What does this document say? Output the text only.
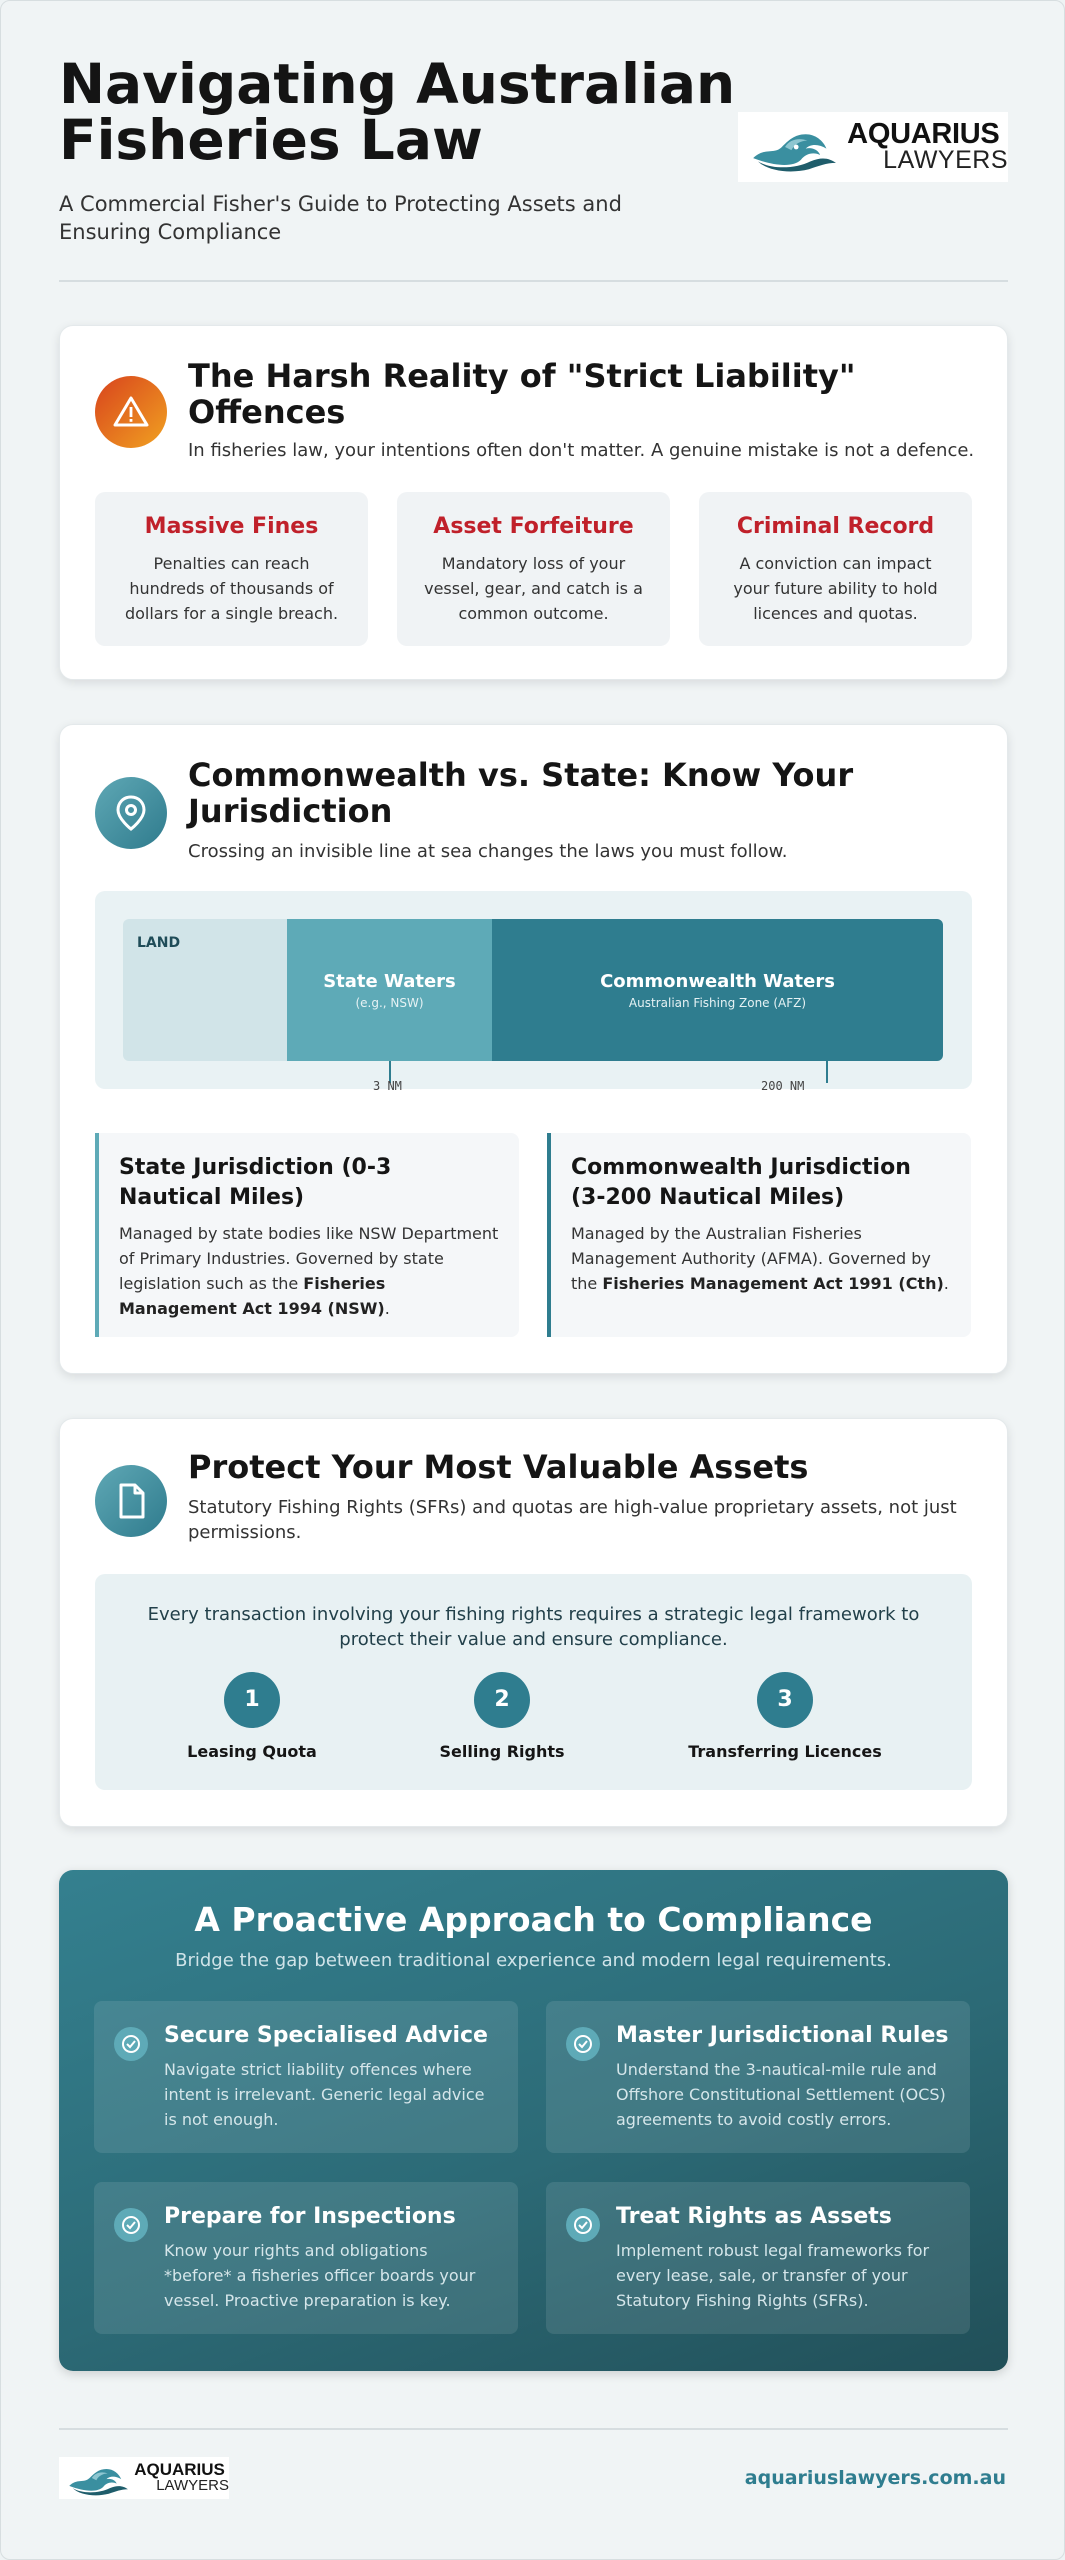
Navigating Australian Fisheries Law

A Commercial Fisher's Guide to Protecting Assets and Ensuring Compliance

AQUARIUS
LAWYERS
The Harsh Reality of "Strict Liability" Offences

In fisheries law, your intentions often don't matter. A genuine mistake is not a defence.

Massive Fines
Penalties can reach hundreds of thousands of dollars for a single breach.
Asset Forfeiture
Mandatory loss of your vessel, gear, and catch is a common outcome.
Criminal Record
A conviction can impact your future ability to hold licences and quotas.
Commonwealth vs. State: Know Your Jurisdiction

Crossing an invisible line at sea changes the laws you must follow.

LAND
State Waters
(e.g., NSW)
Commonwealth Waters
Australian Fishing Zone (AFZ)
3 NM	200 NM
State Jurisdiction (0-3 Nautical Miles)
Managed by state bodies like NSW Department of Primary Industries. Governed by state legislation such as the Fisheries Management Act 1994 (NSW).
Commonwealth Jurisdiction (3-200 Nautical Miles)
Managed by the Australian Fisheries Management Authority (AFMA). Governed by the Fisheries Management Act 1991 (Cth).
Protect Your Most Valuable Assets

Statutory Fishing Rights (SFRs) and quotas are high-value proprietary assets, not just permissions.

Every transaction involving your fishing rights requires a strategic legal framework to protect their value and ensure compliance.

1
Leasing Quota
2
Selling Rights
3
Transferring Licences
A Proactive Approach to Compliance

Bridge the gap between traditional experience and modern legal requirements.

Secure Specialised Advice
Navigate strict liability offences where intent is irrelevant. Generic legal advice is not enough.
Master Jurisdictional Rules
Understand the 3-nautical-mile rule and Offshore Constitutional Settlement (OCS) agreements to avoid costly errors.
Prepare for Inspections
Know your rights and obligations *before* a fisheries officer boards your vessel. Proactive preparation is key.
Treat Rights as Assets
Implement robust legal frameworks for every lease, sale, or transfer of your Statutory Fishing Rights (SFRs).
AQUARIUS
LAWYERS	aquariuslawyers.com.au
